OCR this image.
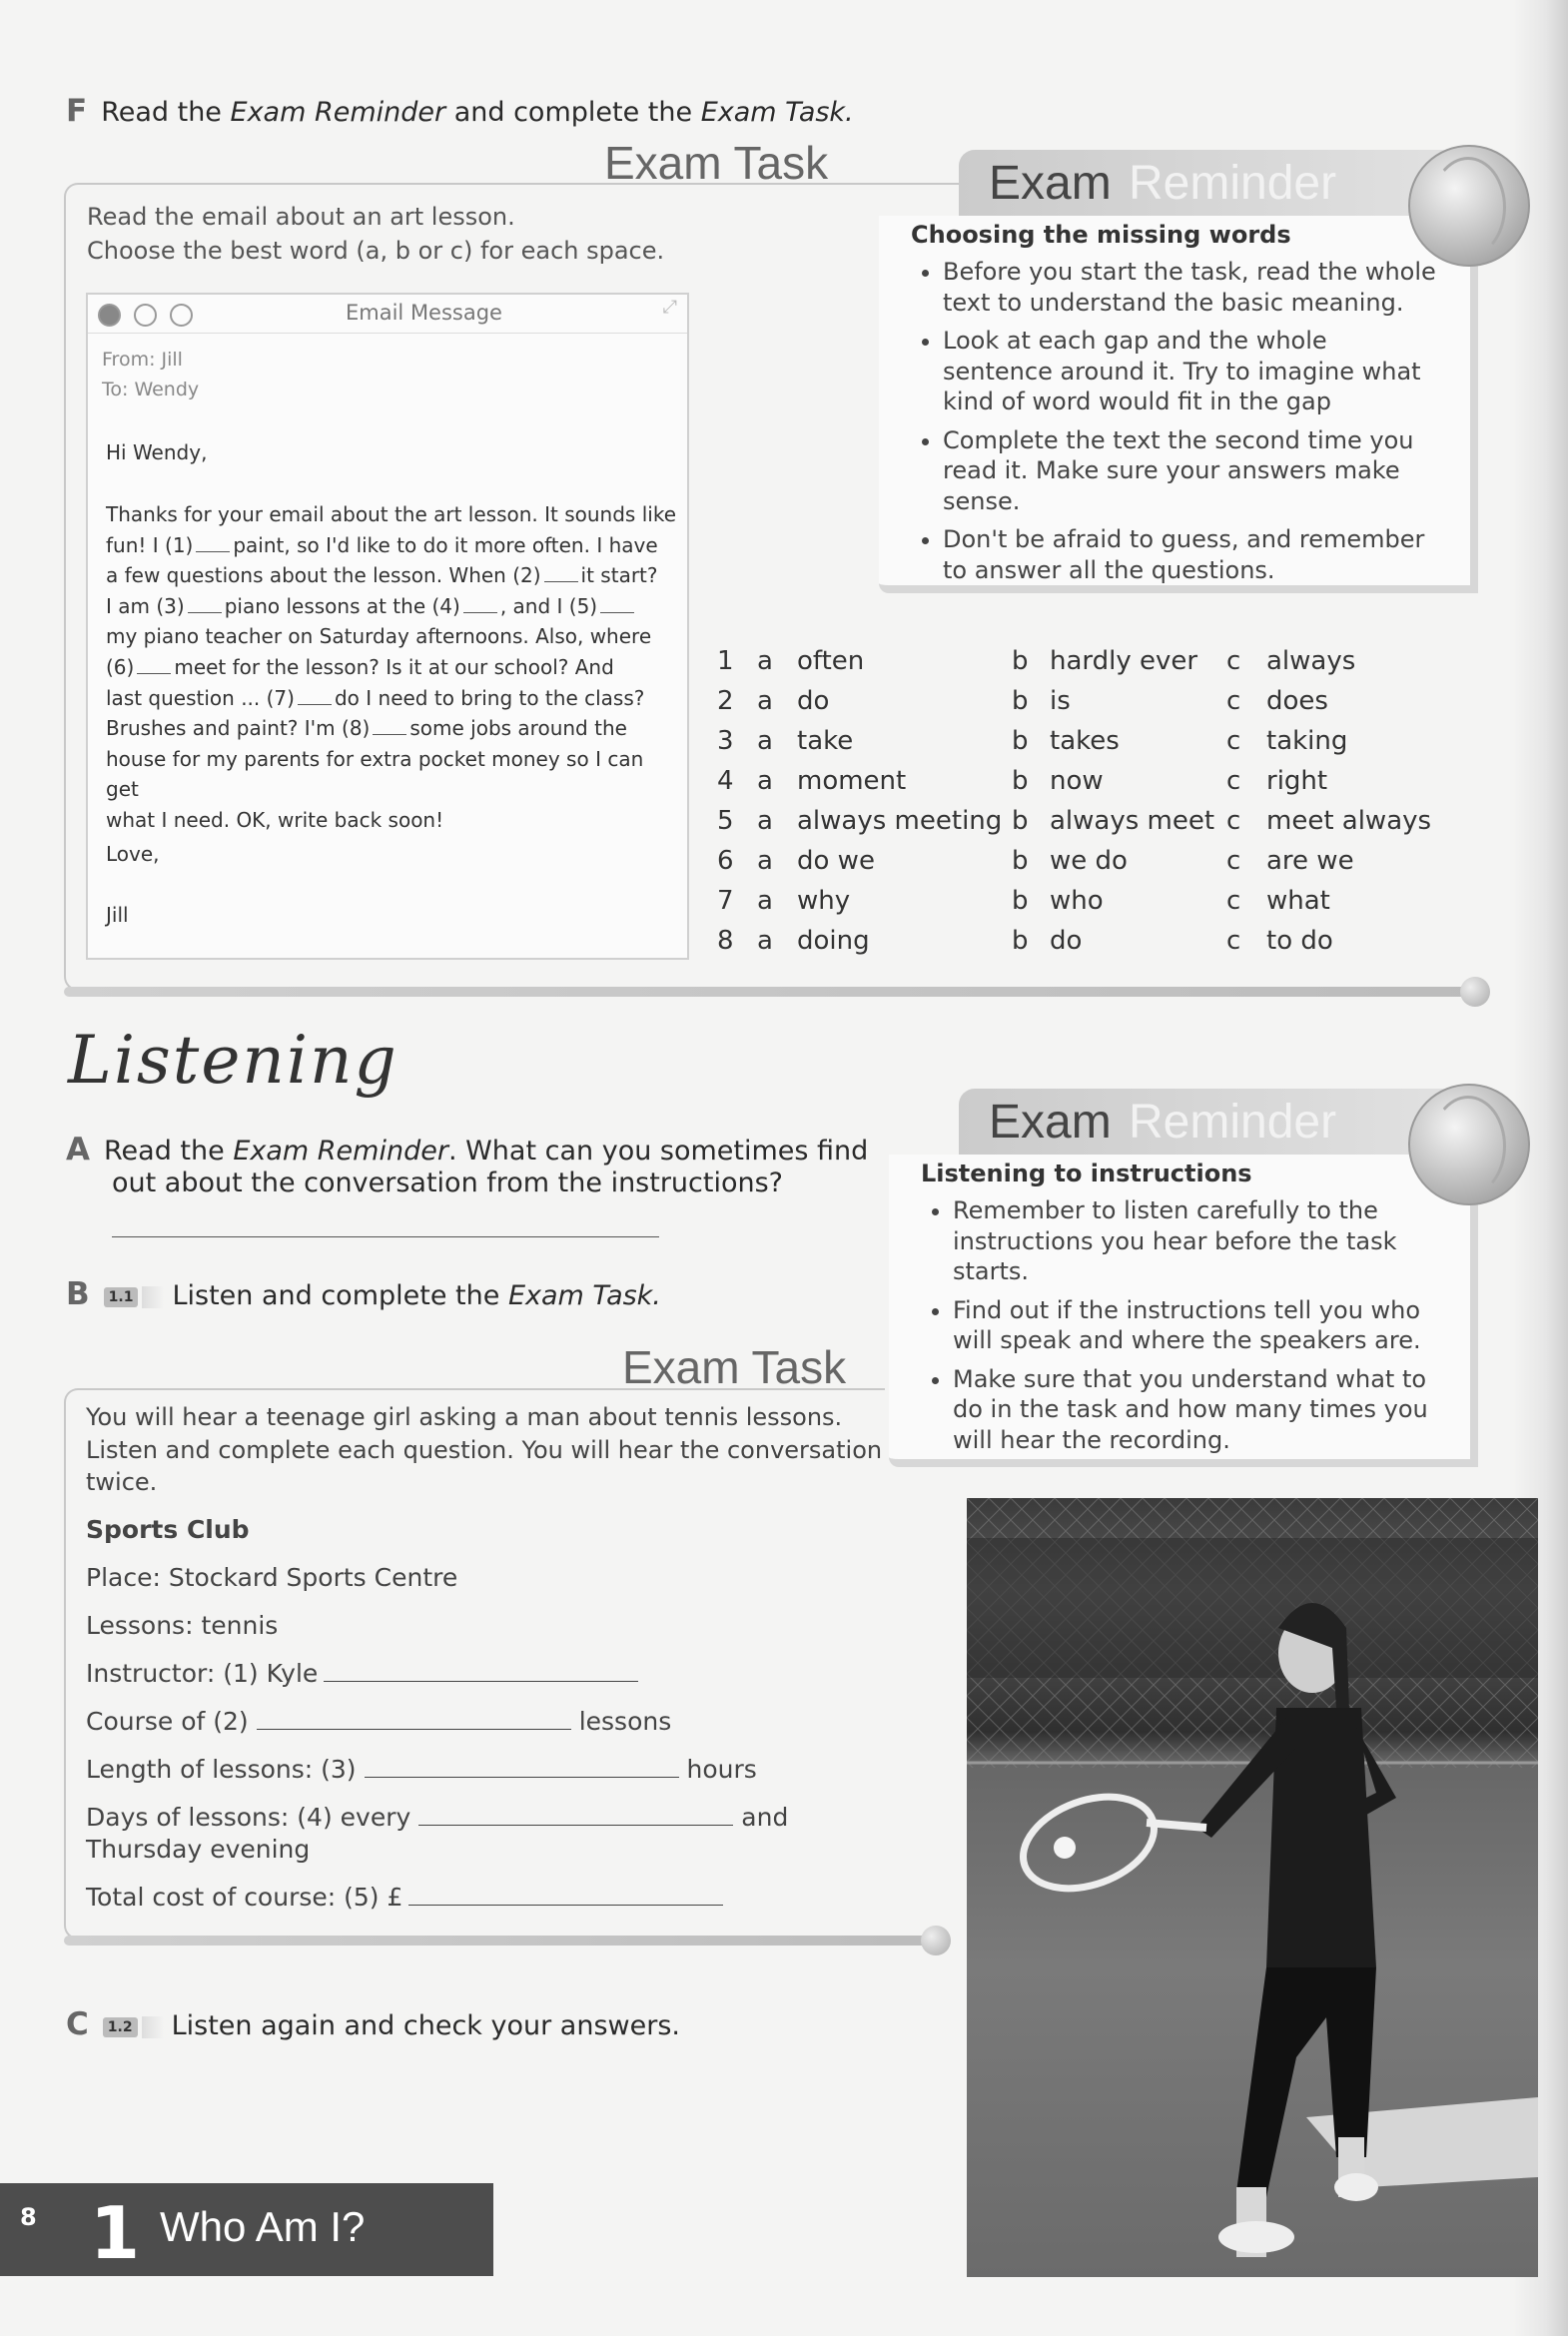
F Read the Exam Reminder and complete the Exam Task.
Exam Task
Read the email about an art lesson.
Choose the best word (a, b or c) for each space.
Email Message	⤢
From: Jill
To: Wendy
Hi Wendy,
Thanks for your email about the art lesson. It sounds like
fun! I (1) paint, so I'd like to do it more often. I have
a few questions about the lesson. When (2) it start?
I am (3) piano lessons at the (4) , and I (5)
my piano teacher on Saturday afternoons. Also, where
(6) meet for the lesson? Is it at our school? And
last question ... (7) do I need to bring to the class?
Brushes and paint? I'm (8) some jobs around the
house for my parents for extra pocket money so I can get
what I need. OK, write back soon!
Love,
Jill
1 a often	b hardly ever c always
2 a do	b is	c does
3 a take	b takes	c taking
4 a moment	b now	c right
5 a always meeting b always meet c meet always
6 a do we	b we do	c are we
7 a why	b who	c what
8 a doing	b do	c to do
Exam Reminder
Choosing the missing words
• Before you start the task, read the whole text to understand the basic meaning.
• Look at each gap and the whole sentence around it. Try to imagine what kind of word would fit in the gap
• Complete the text the second time you read it. Make sure your answers make sense.
• Don't be afraid to guess, and remember to answer all the questions.
Listening
A Read the Exam Reminder. What can you sometimes find
out about the conversation from the instructions?
B 1.1 Listen and complete the Exam Task.
Exam Task
You will hear a teenage girl asking a man about tennis lessons.
Listen and complete each question. You will hear the conversation
twice.
Sports Club
Place: Stockard Sports Centre
Lessons: tennis
Instructor: (1) Kyle
Course of (2)	lessons
Length of lessons: (3)	hours
Days of lessons: (4) every	and
Thursday evening
Total cost of course: (5) £
C 1.2 Listen again and check your answers.
Exam Reminder
Listening to instructions
• Remember to listen carefully to the instructions you hear before the task starts.
• Find out if the instructions tell you who will speak and where the speakers are.
• Make sure that you understand what to do in the task and how many times you will hear the recording.
8 1 Who Am I?
